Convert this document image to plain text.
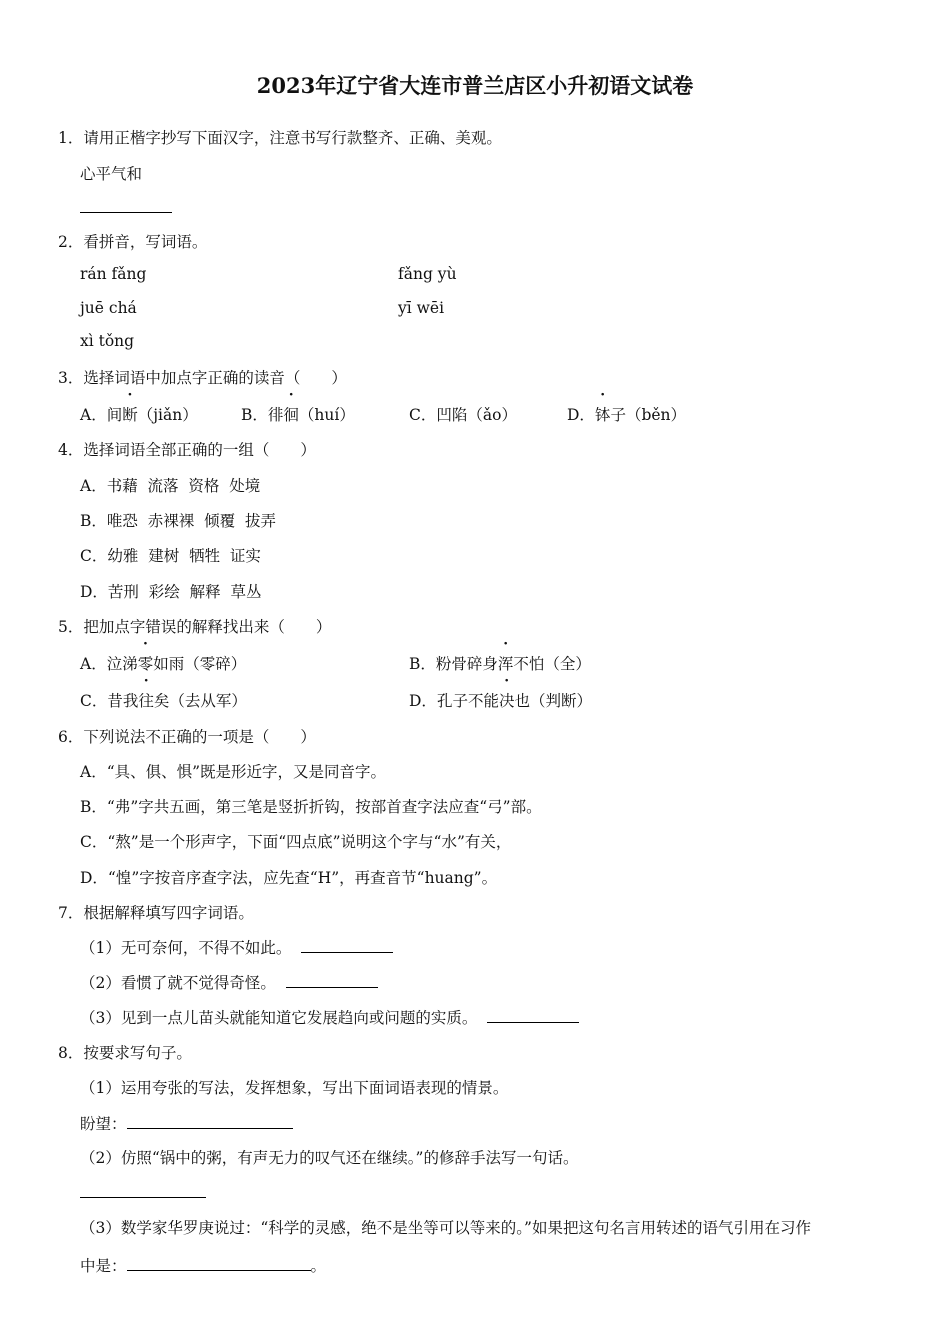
2023年辽宁省大连市普兰店区小升初语文试卷
1．请用正楷字抄写下面汉字，注意书写行款整齐、正确、美观。
心平气和
2．看拼音，写词语。
rán fǎng	fǎng yù
juē chá	yī wēi
xì tǒng
3．选择词语中加点字正确的读音（　　）
A．间断（jiǎn）	B．徘徊（huí）	C．凹陷（ǎo）	D．钵子（běn）
4．选择词语全部正确的一组（　　）
A．书藉  流落  资格  处境
B．唯恐  赤裸裸  倾覆  拔弄
C．幼雅  建树  牺牲  证实
D．苦刑  彩绘  解释  草丛
5．把加点字错误的解释找出来（　　）
A．泣涕零如雨（零碎）	B．粉骨碎身浑不怕（全）
C．昔我往矣（去从军）	D．孔子不能决也（判断）
6．下列说法不正确的一项是（　　）
A．“具、俱、惧”既是形近字，又是同音字。
B．“弗”字共五画，第三笔是竖折折钩，按部首查字法应查“弓”部。
C．“熬”是一个形声字，下面“四点底”说明这个字与“水”有关，
D．“惶”字按音序查字法，应先查“H”，再查音节“huang”。
7．根据解释填写四字词语。
（1）无可奈何，不得不如此。
（2）看惯了就不觉得奇怪。
（3）见到一点儿苗头就能知道它发展趋向或问题的实质。
8．按要求写句子。
（1）运用夸张的写法，发挥想象，写出下面词语表现的情景。
盼望：
（2）仿照“锅中的粥，有声无力的叹气还在继续。”的修辞手法写一句话。
（3）数学家华罗庚说过：“科学的灵感，绝不是坐等可以等来的。”如果把这句名言用转述的语气引用在习作
中是：	。
